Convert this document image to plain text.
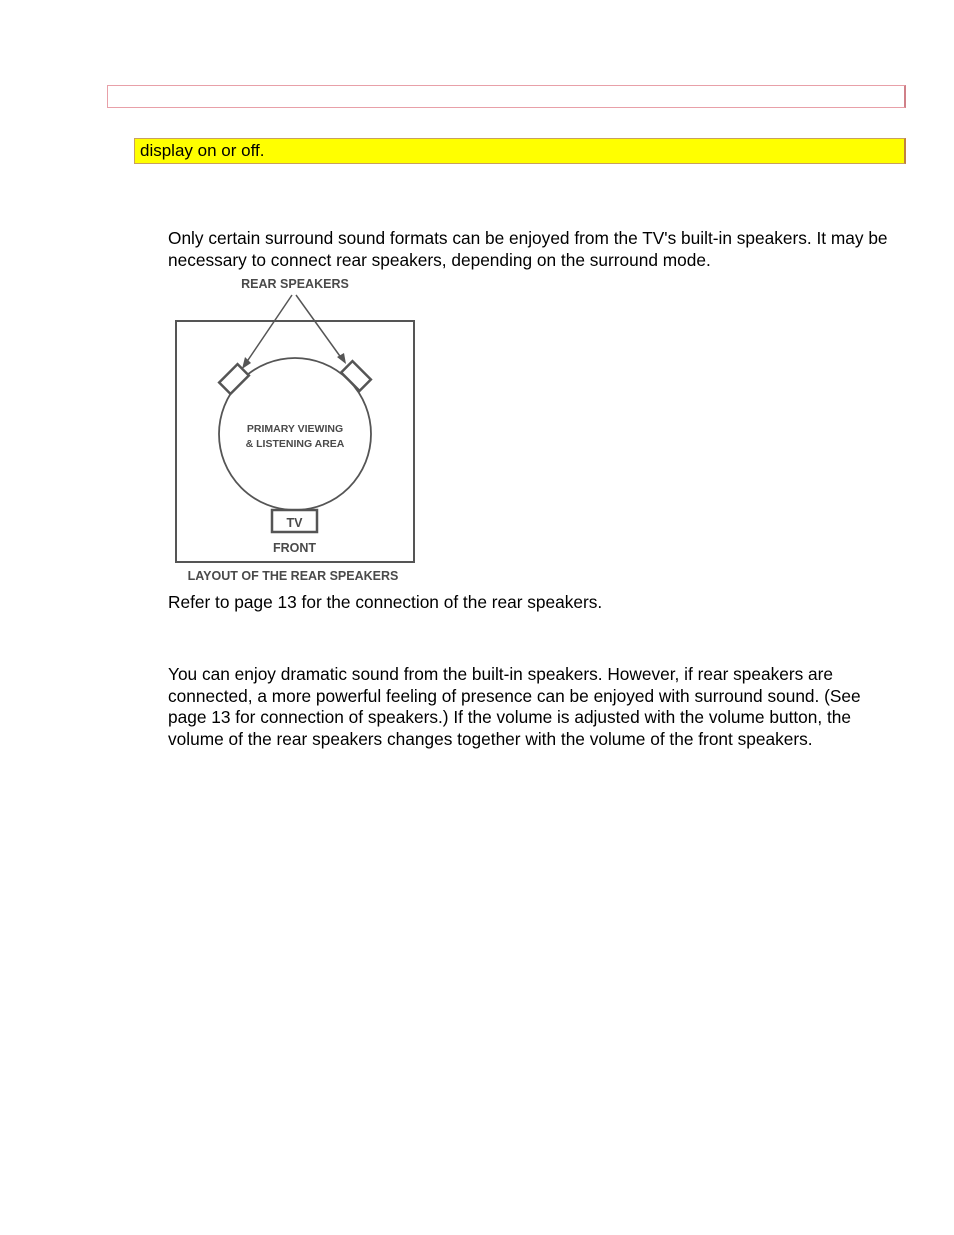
display on or off.

Only certain surround sound formats can be enjoyed from the TV's built-in speakers. It may be necessary to connect rear speakers, depending on the surround mode.

REAR SPEAKERS
PRIMARY VIEWING
& LISTENING AREA
TV
FRONT
LAYOUT OF THE REAR SPEAKERS

Refer to page 13 for the connection of the rear speakers.

You can enjoy dramatic sound from the built-in speakers. However, if rear speakers are connected, a more powerful feeling of presence can be enjoyed with surround sound. (See page 13 for connection of speakers.) If the volume is adjusted with the volume button, the volume of the rear speakers changes together with the volume of the front speakers.
